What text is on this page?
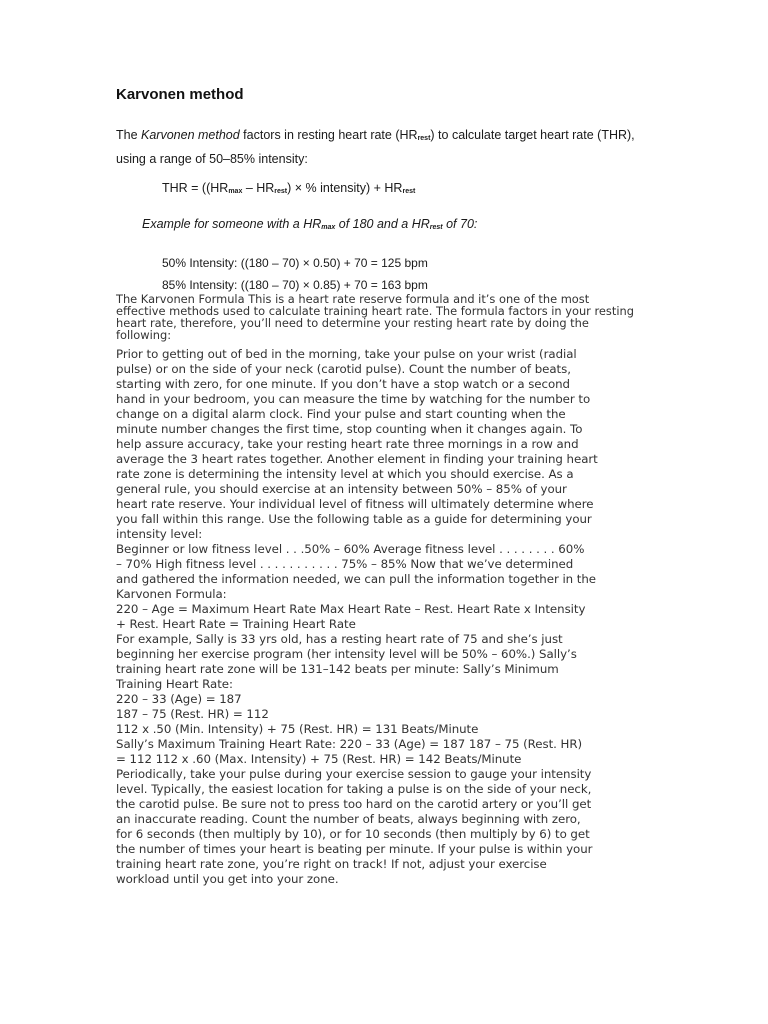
Karvonen method

The Karvonen method factors in resting heart rate $(HR_{rest})$ to calculate target heart rate (THR),
using a range of 50–85% intensity:

THR = ($(HR_{max} - HR_{rest})$ × % intensity) + $HR_{rest}$

Example for someone with a $HR_{max}$ of 180 and a $HR_{rest}$ of 70:

50% Intensity: ((180 – 70) × 0.50) + 70 = 125 bpm

85% Intensity: ((180 – 70) × 0.85) + 70 = 163 bpm

The Karvonen Formula This is a heart rate reserve formula and it’s one of the most
effective methods used to calculate training heart rate. The formula factors in your resting
heart rate, therefore, you’ll need to determine your resting heart rate by doing the
following:

Prior to getting out of bed in the morning, take your pulse on your wrist (radial
pulse) or on the side of your neck (carotid pulse). Count the number of beats,
starting with zero, for one minute. If you don’t have a stop watch or a second
hand in your bedroom, you can measure the time by watching for the number to
change on a digital alarm clock. Find your pulse and start counting when the
minute number changes the first time, stop counting when it changes again. To
help assure accuracy, take your resting heart rate three mornings in a row and
average the 3 heart rates together. Another element in finding your training heart
rate zone is determining the intensity level at which you should exercise. As a
general rule, you should exercise at an intensity between 50% – 85% of your
heart rate reserve. Your individual level of fitness will ultimately determine where
you fall within this range. Use the following table as a guide for determining your
intensity level:
Beginner or low fitness level . . .50% – 60% Average fitness level . . . . . . . . 60%
– 70% High fitness level . . . . . . . . . . . 75% – 85% Now that we’ve determined
and gathered the information needed, we can pull the information together in the
Karvonen Formula:
220 – Age = Maximum Heart Rate Max Heart Rate – Rest. Heart Rate x Intensity
+ Rest. Heart Rate = Training Heart Rate
For example, Sally is 33 yrs old, has a resting heart rate of 75 and she’s just
beginning her exercise program (her intensity level will be 50% – 60%.) Sally’s
training heart rate zone will be 131–142 beats per minute: Sally’s Minimum
Training Heart Rate:
220 – 33 (Age) = 187
187 – 75 (Rest. HR) = 112
112 x .50 (Min. Intensity) + 75 (Rest. HR) = 131 Beats/Minute
Sally’s Maximum Training Heart Rate: 220 – 33 (Age) = 187 187 – 75 (Rest. HR)
= 112 112 x .60 (Max. Intensity) + 75 (Rest. HR) = 142 Beats/Minute
Periodically, take your pulse during your exercise session to gauge your intensity
level. Typically, the easiest location for taking a pulse is on the side of your neck,
the carotid pulse. Be sure not to press too hard on the carotid artery or you’ll get
an inaccurate reading. Count the number of beats, always beginning with zero,
for 6 seconds (then multiply by 10), or for 10 seconds (then multiply by 6) to get
the number of times your heart is beating per minute. If your pulse is within your
training heart rate zone, you’re right on track! If not, adjust your exercise
workload until you get into your zone.
